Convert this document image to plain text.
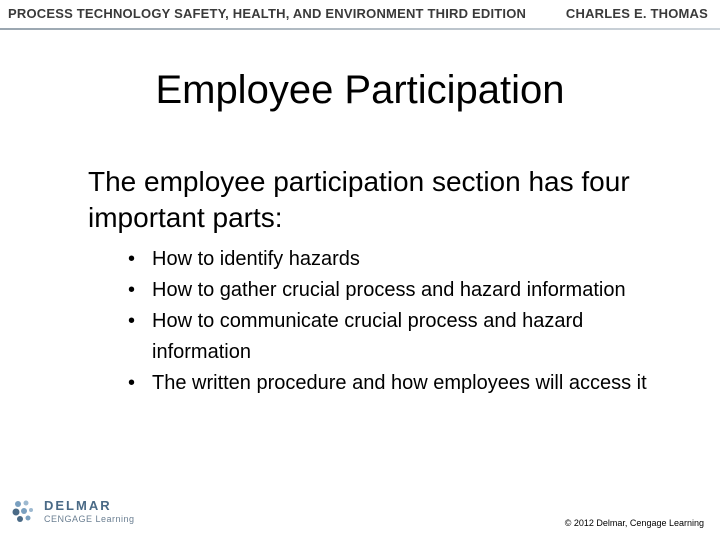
PROCESS TECHNOLOGY SAFETY, HEALTH, AND ENVIRONMENT THIRD EDITION	CHARLES E. THOMAS
Employee Participation

The employee participation section has four important parts:

• How to identify hazards
• How to gather crucial process and hazard information
• How to communicate crucial process and hazard information
• The written procedure and how employees will access it
DELMAR
CENGAGE Learning	© 2012 Delmar, Cengage Learning
